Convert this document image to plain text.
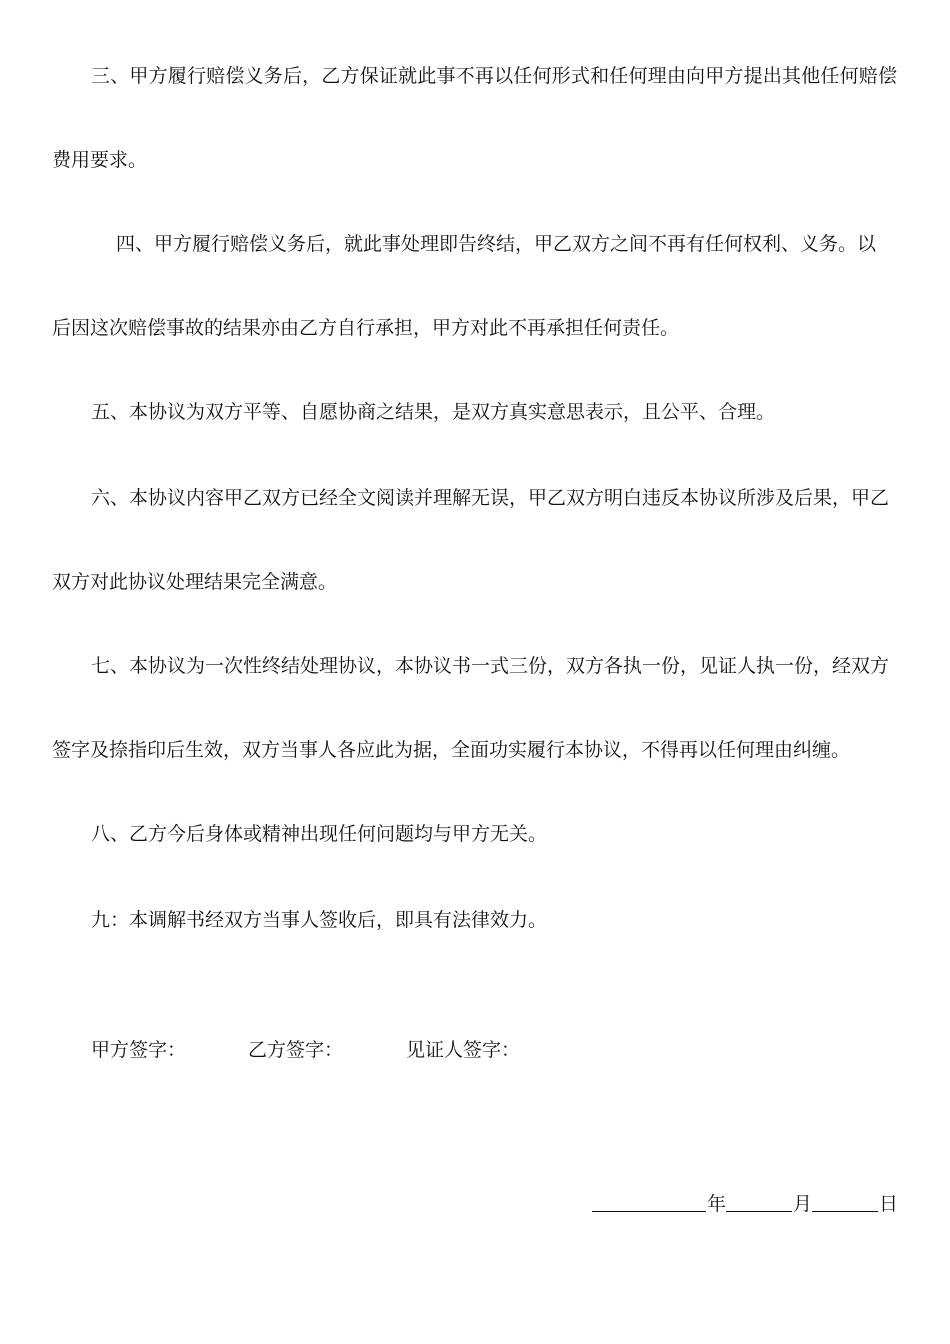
三、甲方履行赔偿义务后，乙方保证就此事不再以任何形式和任何理由向甲方提出其他任何赔偿
费用要求。
四、甲方履行赔偿义务后，就此事处理即告终结，甲乙双方之间不再有任何权利、义务。以
后因这次赔偿事故的结果亦由乙方自行承担，甲方对此不再承担任何责任。
五、本协议为双方平等、自愿协商之结果，是双方真实意思表示，且公平、合理。
六、本协议内容甲乙双方已经全文阅读并理解无误，甲乙双方明白违反本协议所涉及后果，甲乙
双方对此协议处理结果完全满意。
七、本协议为一次性终结处理协议，本协议书一式三份，双方各执一份，见证人执一份，经双方
签字及捺指印后生效，双方当事人各应此为据，全面功实履行本协议，不得再以任何理由纠缠。
八、乙方今后身体或精神出现任何问题均与甲方无关。
九：本调解书经双方当事人签收后，即具有法律效力。
甲方签字：	乙方签字：	见证人签字：
年	月	日
